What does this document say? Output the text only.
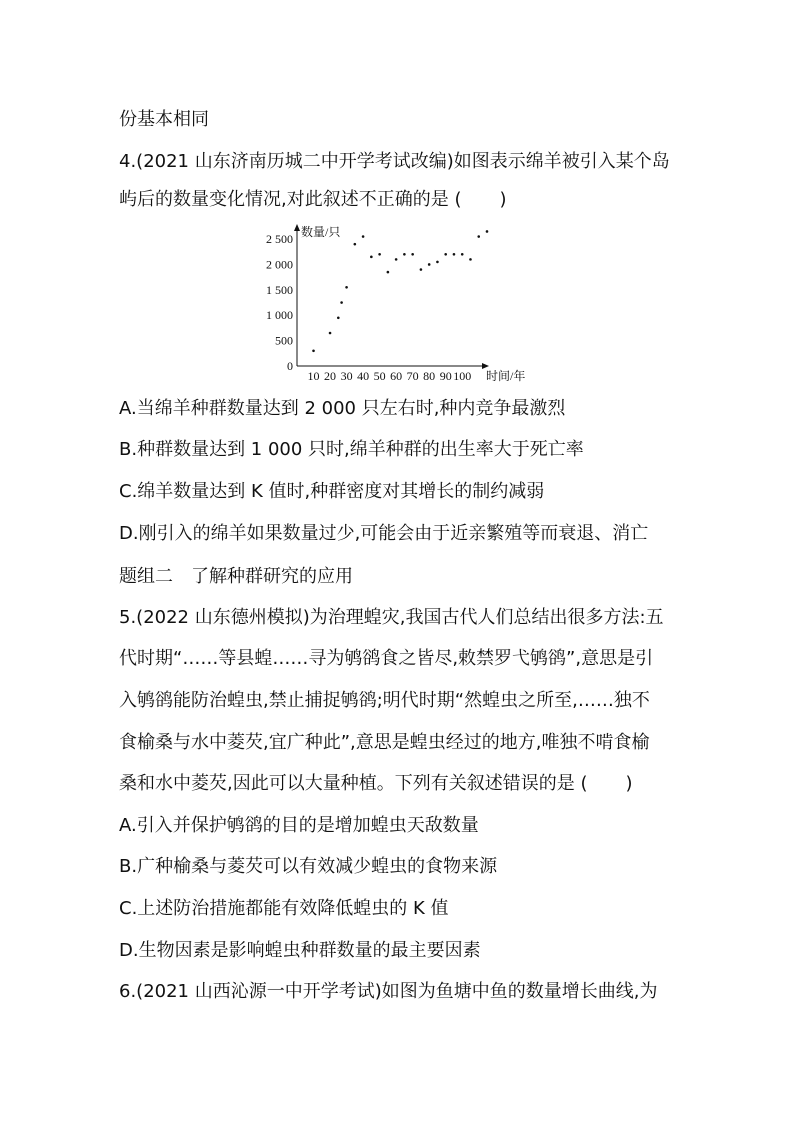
份基本相同
4.(2021 山东济南历城二中开学考试改编)如图表示绵羊被引入某个岛
屿后的数量变化情况,对此叙述不正确的是 ( )
数量/只
时间/年
0
500
1 000
1 500
2 000
2 500
10 20 30 40 50 60 70 80 90 100
A.当绵羊种群数量达到 2 000 只左右时,种内竞争最激烈
B.种群数量达到 1 000 只时,绵羊种群的出生率大于死亡率
C.绵羊数量达到 K 值时,种群密度对其增长的制约减弱
D.刚引入的绵羊如果数量过少,可能会由于近亲繁殖等而衰退、消亡
题组二　了解种群研究的应用
5.(2022 山东德州模拟)为治理蝗灾,我国古代人们总结出很多方法:五
代时期“……等县蝗……寻为鸲鹆食之皆尽,敕禁罗弋鸲鹆”,意思是引
入鸲鹆能防治蝗虫,禁止捕捉鸲鹆;明代时期“然蝗虫之所至,……独不
食榆桑与水中菱芡,宜广种此”,意思是蝗虫经过的地方,唯独不啃食榆
桑和水中菱芡,因此可以大量种植。下列有关叙述错误的是 ( )
A.引入并保护鸲鹆的目的是增加蝗虫天敌数量
B.广种榆桑与菱芡可以有效减少蝗虫的食物来源
C.上述防治措施都能有效降低蝗虫的 K 值
D.生物因素是影响蝗虫种群数量的最主要因素
6.(2021 山西沁源一中开学考试)如图为鱼塘中鱼的数量增长曲线,为
